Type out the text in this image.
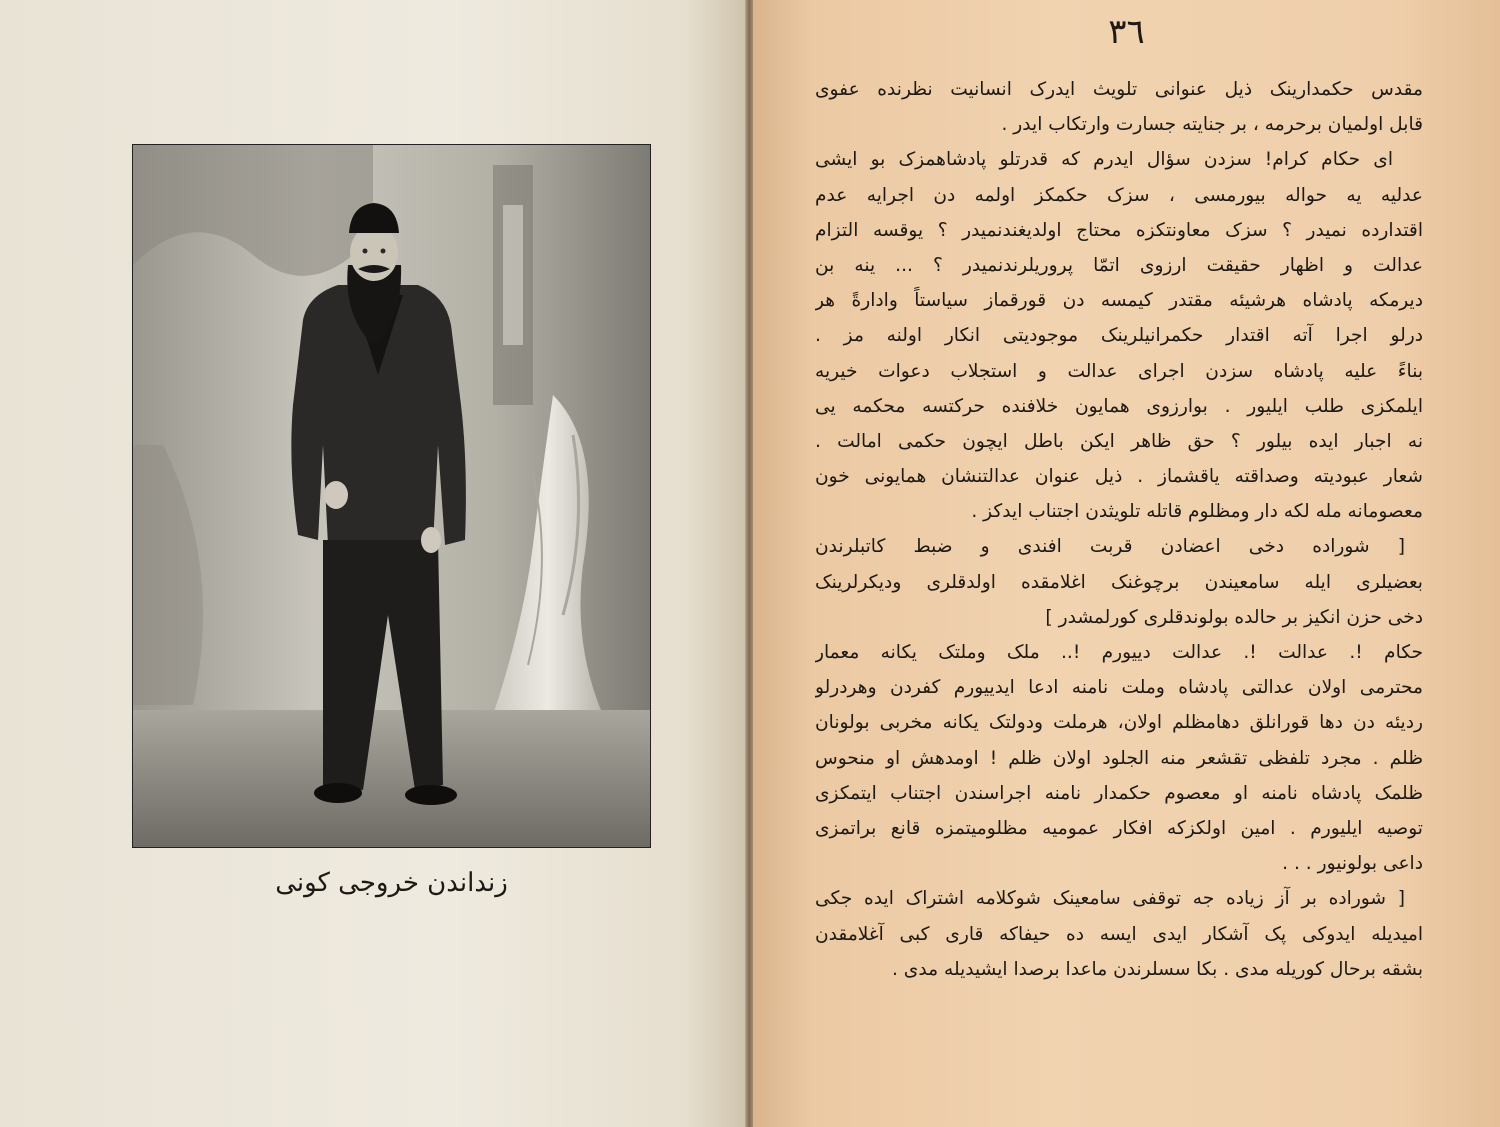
زنداندن خروجی کونی
٣٦
مقدس حکمدارینک ذیل عنوانی تلویث ایدرک انسانیت نظرنده عفوی
قابل اولمیان برحرمه ، بر جنایته جسارت وارتکاب ایدر .
ای حکام کرام! سزدن سؤال ایدرم که قدرتلو پادشاهمزک بو ایشی
عدلیه یه حواله بیورمسی ، سزک حکمکز اولمه دن اجرایه عدم
اقتدارده نمیدر ؟ سزک معاونتکزه محتاج اولدیغندنمیدر ؟ یوقسه التزام
عدالت و اظهار حقیقت ارزوی اتمّا پروریلرندنمیدر ؟ ... ینه بن
دیرمکه پادشاه هرشیئه مقتدر کیمسه دن قورقماز سیاستاً وادارةً هر
درلو اجرا آته اقتدار حکمرانیلرینک موجودیتی انکار اولنه مز .
بناءً علیه پادشاه سزدن اجرای عدالت و استجلاب دعوات خیریه
ایلمکزی طلب ایلیور . بوارزوی همایون خلافنده حرکتسه محکمه یی
نه اجبار ایده بیلور ؟ حق ظاهر ایکن باطل ایچون حکمی امالت .
شعار عبودیته وصداقته یاقشماز . ذیل عنوان عدالتنشان همایونی خون
معصومانه مله لکه دار ومظلوم قاتله تلویثدن اجتناب ایدکز .
[ شوراده دخی اعضادن قربت افندی و ضبط کاتبلرندن
بعضیلری ایله سامعیندن برچوغنک اغلامقده اولدقلری ودیکرلرینک
دخی حزن انکیز بر حالده بولوندقلری کورلمشدر ]
حکام !. عدالت !. عدالت دییورم !.. ملک وملتک یکانه معمار
محترمی اولان عدالتی پادشاه وملت نامنه ادعا ایدییورم کفردن وهردرلو
ردیئه دن دها قورانلق دهامظلم اولان، هرملت ودولتک یکانه مخربی بولونان
ظلم . مجرد تلفظی تقشعر منه الجلود اولان ظلم ! اومدهش او منحوس
ظلمک پادشاه نامنه او معصوم حکمدار نامنه اجراسندن اجتناب ایتمکزی
توصیه ایلیورم . امین اولکزکه افکار عمومیه مظلومیتمزه قانع براتمزی
داعی بولونیور . . .
[ شوراده بر آز زیاده جه توقفی سامعینک شوکلامه اشتراک ایده جکی
امیدیله ایدوکی پک آشکار ایدی ایسه ده حیفاکه قاری کبی آغلامقدن
بشقه برحال کوریله مدی . بکا سسلرندن ماعدا برصدا ایشیدیله مدی .
